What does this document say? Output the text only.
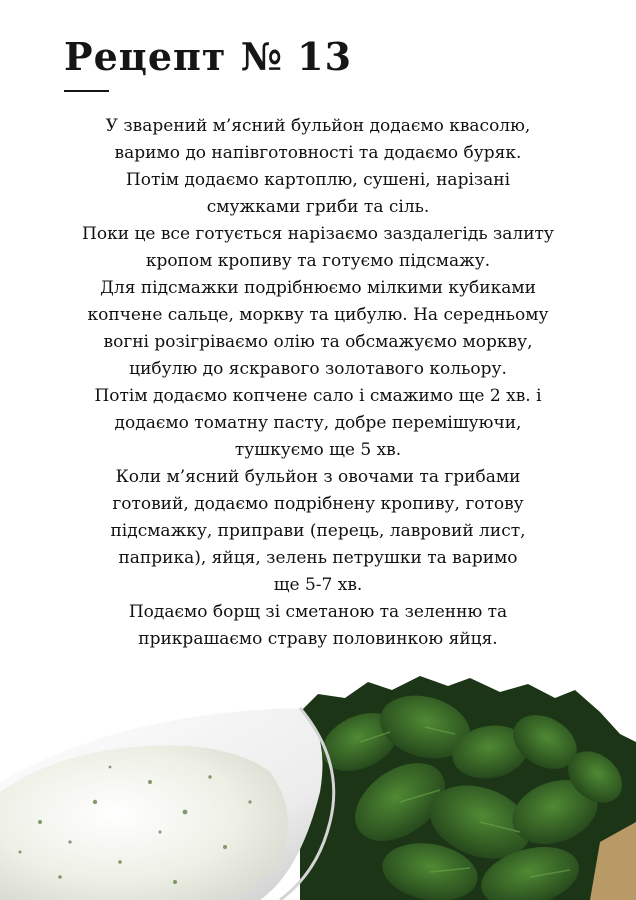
Рецепт № 13
У зварений м’ясний бульйон додаємо квасолю,
варимо до напівготовності та додаємо буряк.
Потім додаємо картоплю, сушені, нарізані
смужками гриби та сіль.
Поки це все готується нарізаємо заздалегідь залиту
кропом кропиву та готуємо підсмажу.
Для підсмажки подрібнюємо мілкими кубиками
копчене сальце, моркву та цибулю. На середньому
вогні розігріваємо олію та обсмажуємо моркву,
цибулю до яскравого золотавого кольору.
Потім додаємо копчене сало і смажимо ще 2 хв. і
додаємо томатну пасту, добре перемішуючи,
тушкуємо ще 5 хв.
Коли м’ясний бульйон з овочами та грибами
готовий, додаємо подрібнену кропиву, готову
підсмажку, приправи (перець, лавровий лист,
паприка), яйця, зелень петрушки та варимо
ще 5-7 хв.
Подаємо борщ зі сметаною та зеленню та
прикрашаємо страву половинкою яйця.
